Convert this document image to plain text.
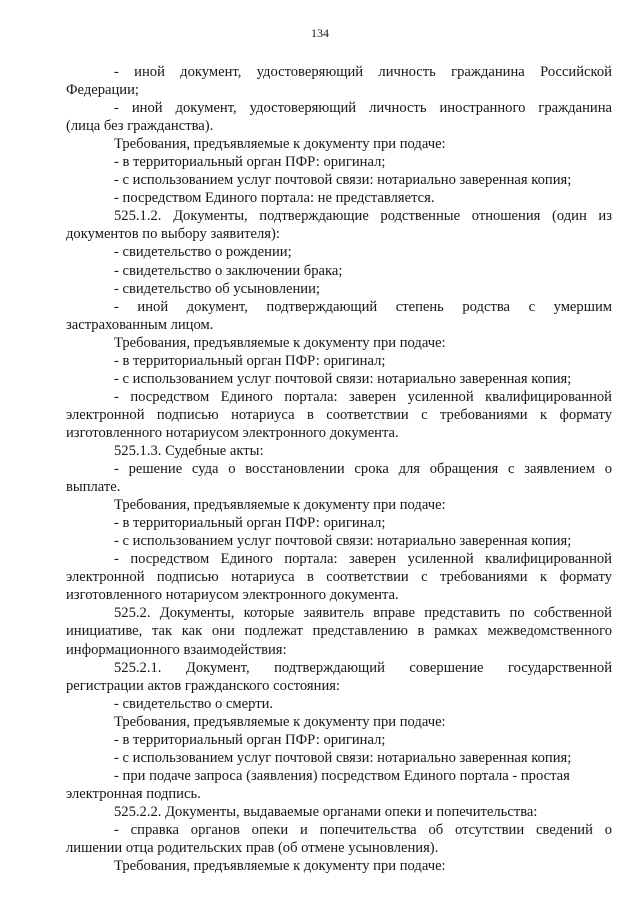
134

- иной документ, удостоверяющий личность гражданина Российской

Федерации;

- иной документ, удостоверяющий личность иностранного гражданина

(лица без гражданства).

Требования, предъявляемые к документу при подаче:

- в территориальный орган ПФР: оригинал;

- с использованием услуг почтовой связи: нотариально заверенная копия;

- посредством Единого портала: не представляется.

525.1.2. Документы, подтверждающие родственные отношения (один из

документов по выбору заявителя):

- свидетельство о рождении;

- свидетельство о заключении брака;

- свидетельство об усыновлении;

- иной документ, подтверждающий степень родства с умершим

застрахованным лицом.

Требования, предъявляемые к документу при подаче:

- в территориальный орган ПФР: оригинал;

- с использованием услуг почтовой связи: нотариально заверенная копия;

- посредством Единого портала: заверен усиленной квалифицированной

электронной подписью нотариуса в соответствии с требованиями к формату

изготовленного нотариусом электронного документа.

525.1.3. Судебные акты:

- решение суда о восстановлении срока для обращения с заявлением о

выплате.

Требования, предъявляемые к документу при подаче:

- в территориальный орган ПФР: оригинал;

- с использованием услуг почтовой связи: нотариально заверенная копия;

- посредством Единого портала: заверен усиленной квалифицированной

электронной подписью нотариуса в соответствии с требованиями к формату

изготовленного нотариусом электронного документа.

525.2. Документы, которые заявитель вправе представить по собственной

инициативе, так как они подлежат представлению в рамках межведомственного

информационного взаимодействия:

525.2.1. Документ, подтверждающий совершение государственной

регистрации актов гражданского состояния:

- свидетельство о смерти.

Требования, предъявляемые к документу при подаче:

- в территориальный орган ПФР: оригинал;

- с использованием услуг почтовой связи: нотариально заверенная копия;

- при подаче запроса (заявления) посредством Единого портала - простая

электронная подпись.

525.2.2. Документы, выдаваемые органами опеки и попечительства:

- справка органов опеки и попечительства об отсутствии сведений о

лишении отца родительских прав (об отмене усыновления).

Требования, предъявляемые к документу при подаче:
